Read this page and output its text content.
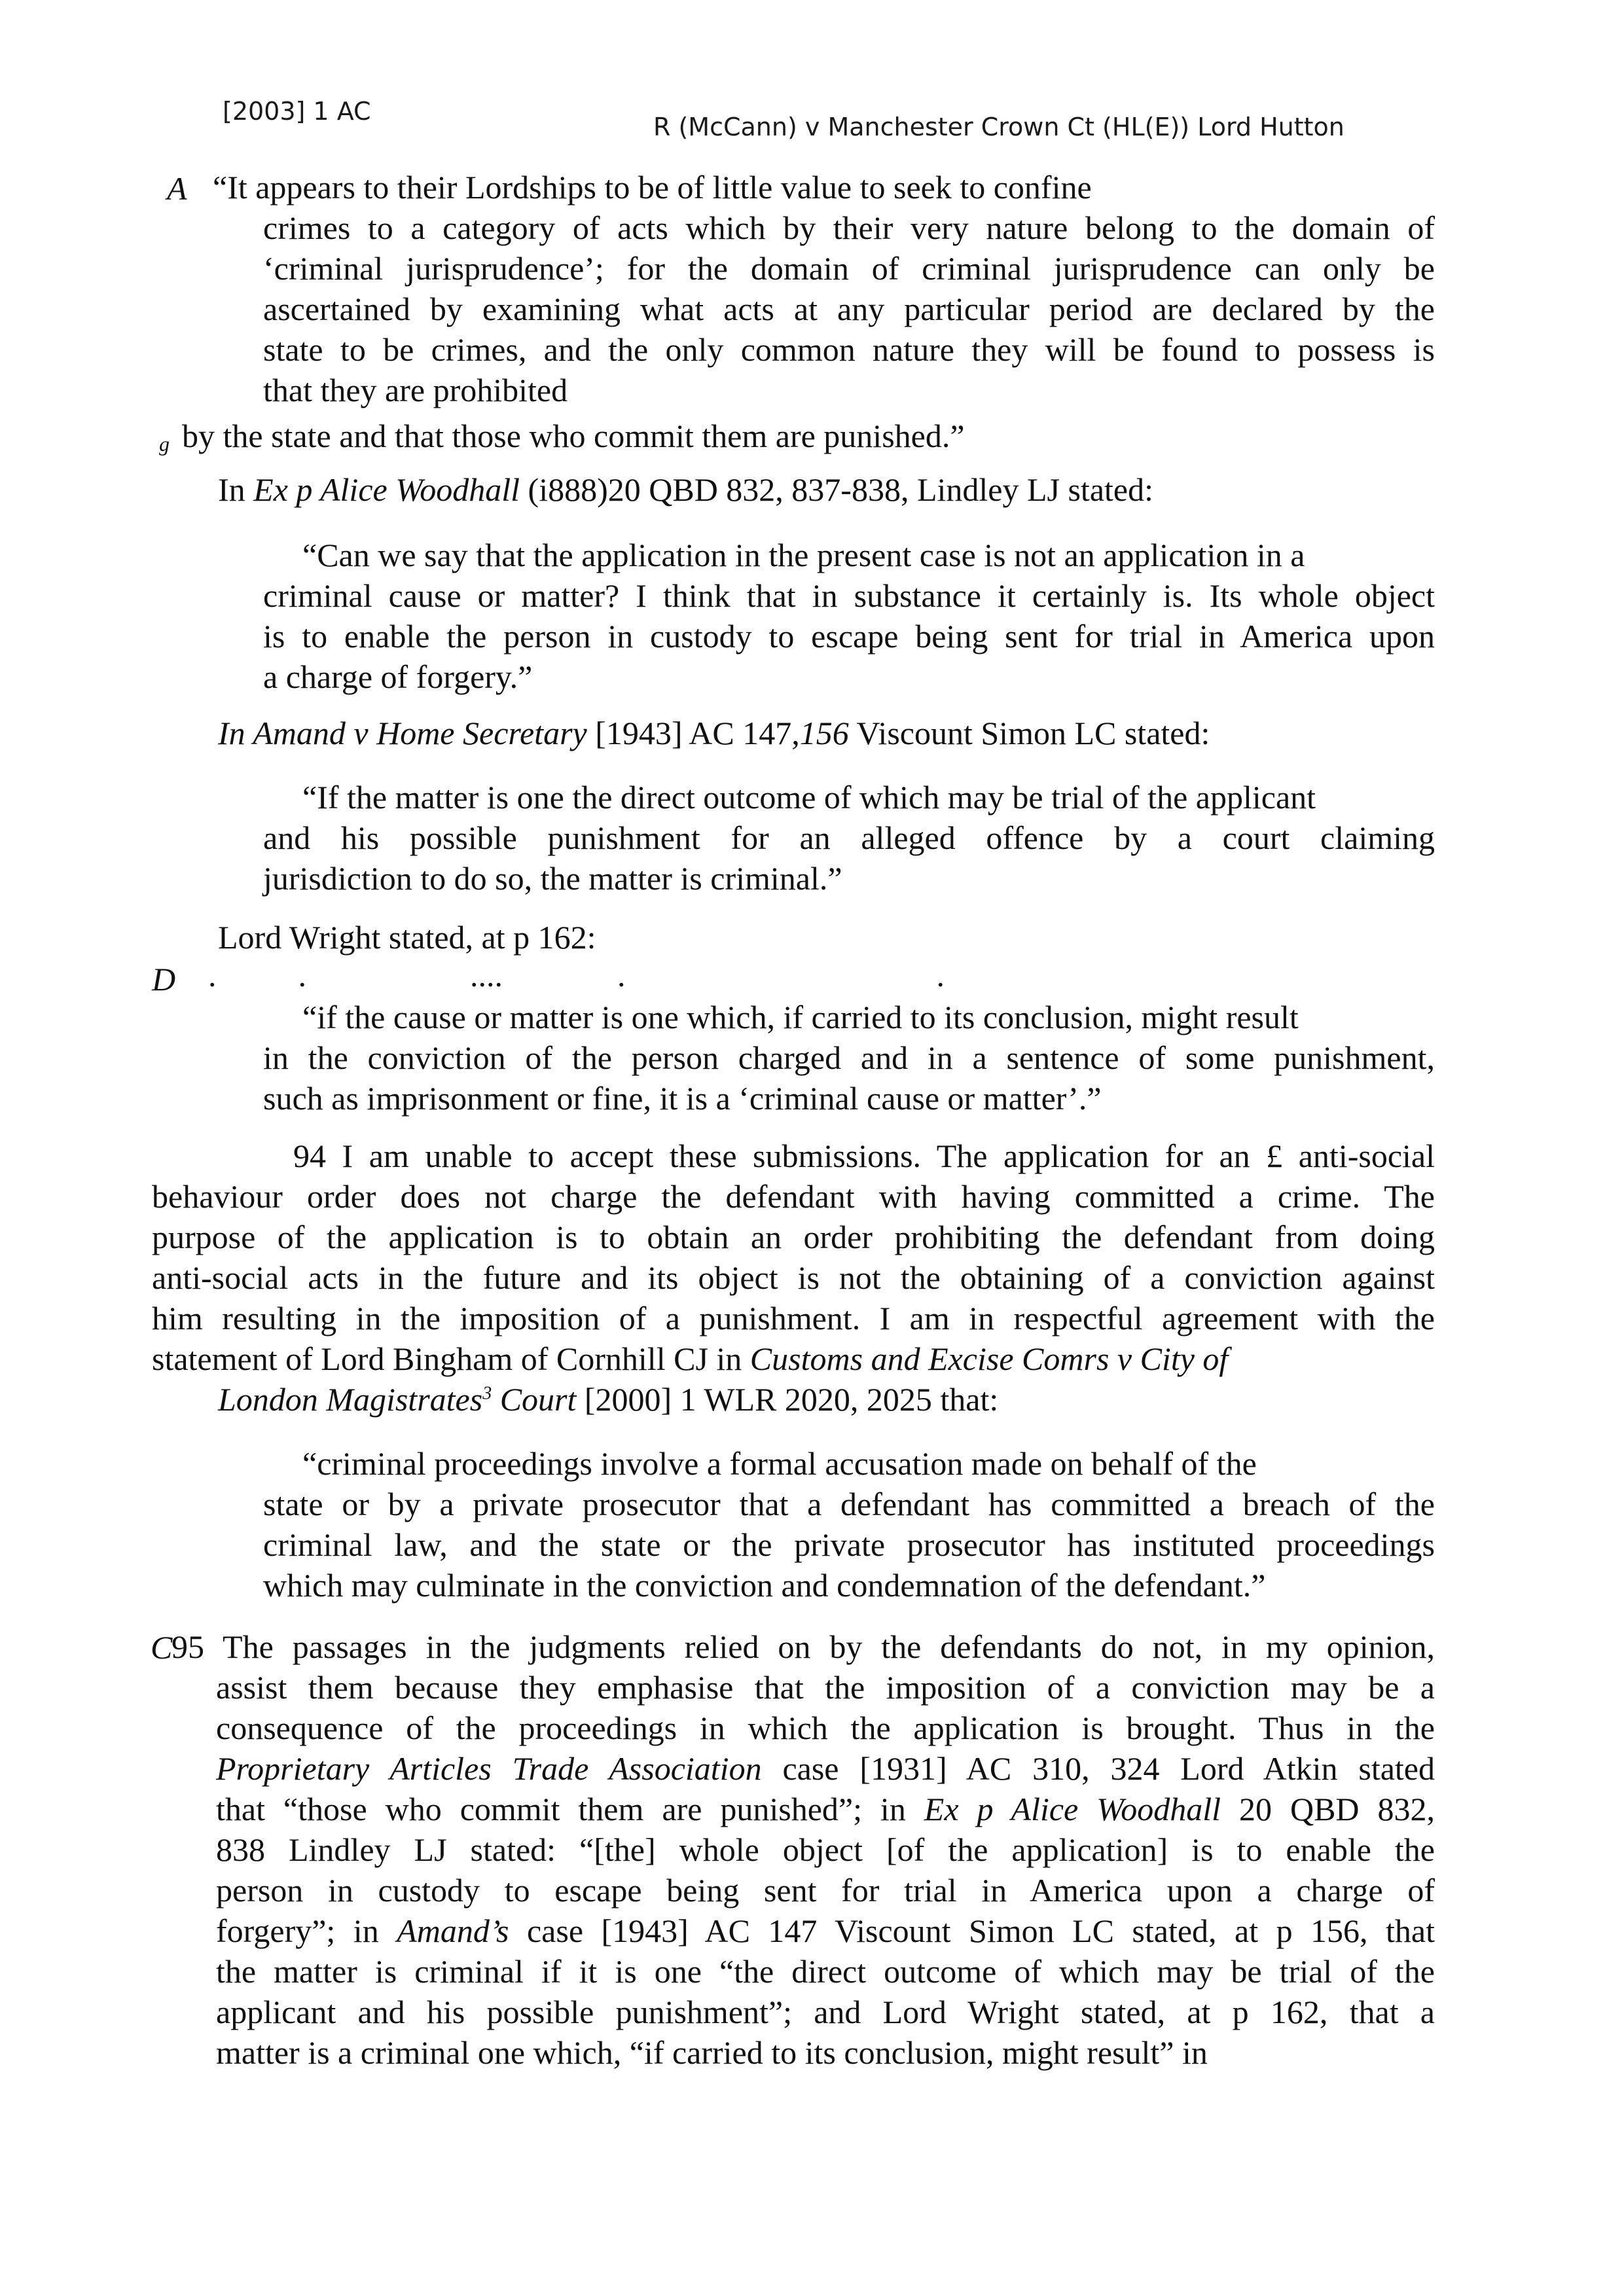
[2003] 1 AC
R (McCann) v Manchester Crown Ct (HL(E)) Lord Hutton
A
g
D
C
“It appears to their Lordships to be of little value to seek to confine
crimes to a category of acts which by their very nature belong to the domain of
‘criminal jurisprudence’; for the domain of criminal jurisprudence can only be
ascertained by examining what acts at any particular period are declared by the
state to be crimes, and the only common nature they will be found to possess is
that they are prohibited
by the state and that those who commit them are punished.”
In Ex p Alice Woodhall (i888)20 QBD 832, 837-838, Lindley LJ stated:
“Can we say that the application in the present case is not an application in a
criminal cause or matter? I think that in substance it certainly is. Its whole object
is to enable the person in custody to escape being sent for trial in America upon
a charge of forgery.”
In Amand v Home Secretary [1943] AC 147,156 Viscount Simon LC stated:
“If the matter is one the direct outcome of which may be trial of the applicant
and his possible punishment for an alleged offence by a court claiming
jurisdiction to do so, the matter is criminal.”
Lord Wright stated, at p 162:
.          .                    ....              .                                      .
“if the cause or matter is one which, if carried to its conclusion, might result
in the conviction of the person charged and in a sentence of some punishment,
such as imprisonment or fine, it is a ‘criminal cause or matter’.”
94 I am unable to accept these submissions. The application for an £ anti-social
behaviour order does not charge the defendant with having committed a crime. The
purpose of the application is to obtain an order prohibiting the defendant from doing
anti-social acts in the future and its object is not the obtaining of a conviction against
him resulting in the imposition of a punishment. I am in respectful agreement with the
statement of Lord Bingham of Cornhill CJ in Customs and Excise Comrs v City of
London Magistrates$^3$ Court [2000] 1 WLR 2020, 2025 that:
“criminal proceedings involve a formal accusation made on behalf of the
state or by a private prosecutor that a defendant has committed a breach of the
criminal law, and the state or the private prosecutor has instituted proceedings
which may culminate in the conviction and condemnation of the defendant.”
95 The passages in the judgments relied on by the defendants do not, in my opinion,
assist them because they emphasise that the imposition of a conviction may be a
consequence of the proceedings in which the application is brought. Thus in the
Proprietary Articles Trade Association case [1931] AC 310, 324 Lord Atkin stated
that “those who commit them are punished”; in Ex p Alice Woodhall 20 QBD 832,
838 Lindley LJ stated: “[the] whole object [of the application] is to enable the
person in custody to escape being sent for trial in America upon a charge of
forgery”; in Amand’s case [1943] AC 147 Viscount Simon LC stated, at p 156, that
the matter is criminal if it is one “the direct outcome of which may be trial of the
applicant and his possible punishment”; and Lord Wright stated, at p 162, that a
matter is a criminal one which, “if carried to its conclusion, might result” in
